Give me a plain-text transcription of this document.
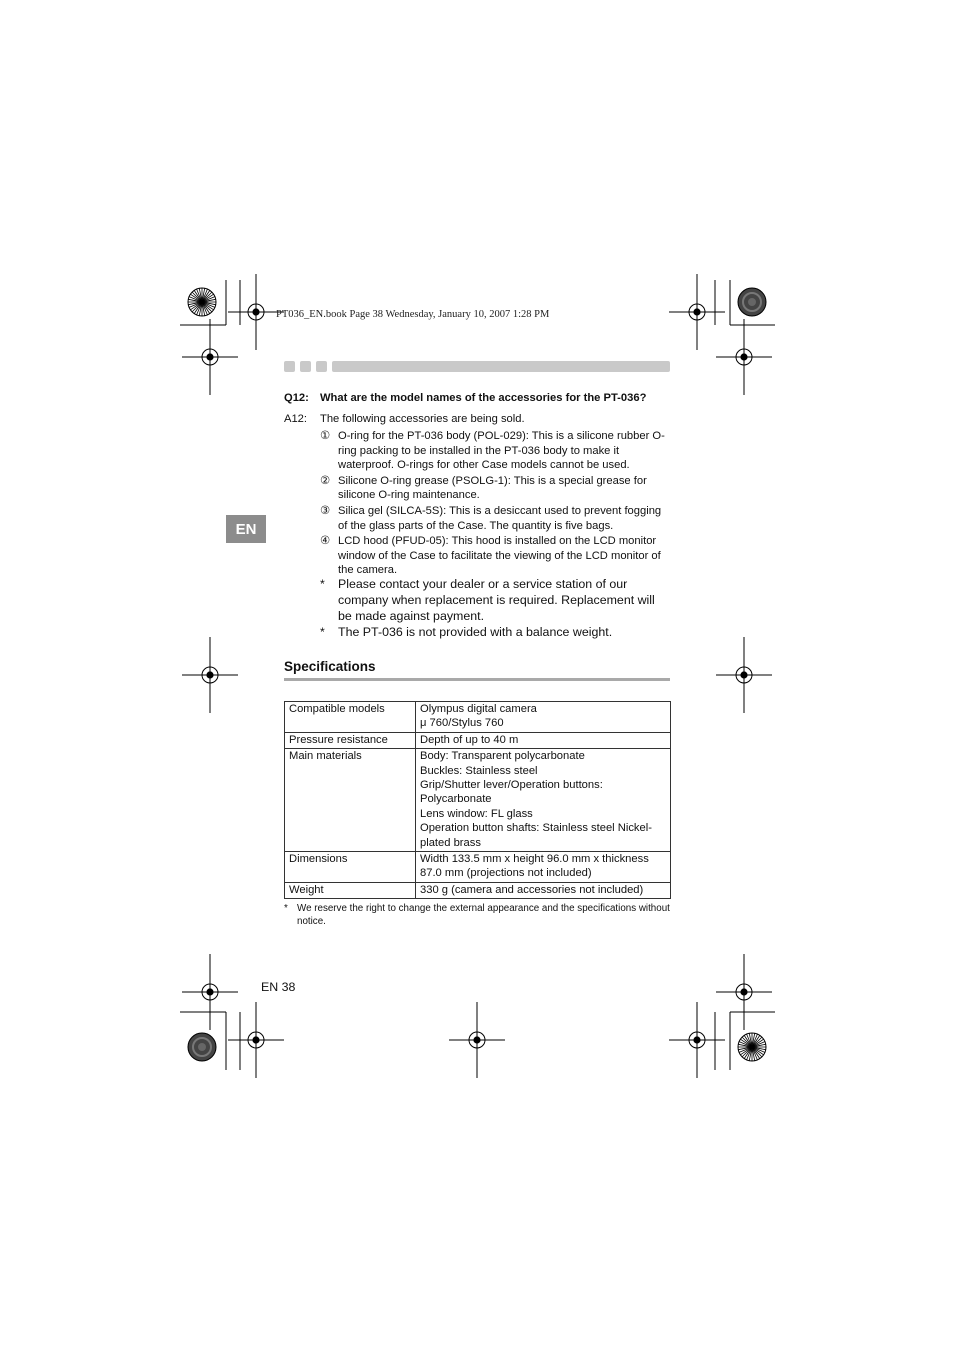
PT036_EN.book Page 38 Wednesday, January 10, 2007 1:28 PM
EN
Q12: What are the model names of the accessories for the PT-036?
A12: The following accessories are being sold.
① O-ring for the PT-036 body (POL-029): This is a silicone rubber O-ring packing to be installed in the PT-036 body to make it waterproof. O-rings for other Case models cannot be used.
② Silicone O-ring grease (PSOLG-1): This is a special grease for silicone O-ring maintenance.
③ Silica gel (SILCA-5S): This is a desiccant used to prevent fogging of the glass parts of the Case. The quantity is five bags.
④ LCD hood (PFUD-05): This hood is installed on the LCD monitor window of the Case to facilitate the viewing of the LCD monitor of the camera.
*	Please contact your dealer or a service station of our company when replacement is required. Replacement will be made against payment.
*	The PT-036 is not provided with a balance weight.
Specifications
Compatible models	Olympus digital camera
μ 760/Stylus 760

Pressure resistance	Depth of up to 40 m

Main materials	Body: Transparent polycarbonate
Buckles: Stainless steel
Grip/Shutter lever/Operation buttons: Polycarbonate
Lens window: FL glass
Operation button shafts: Stainless steel Nickel-plated brass

Dimensions	Width 133.5 mm x height 96.0 mm x thickness 87.0 mm (projections not included)

Weight	330 g (camera and accessories not included)
* We reserve the right to change the external appearance and the specifications without notice.
EN 38
